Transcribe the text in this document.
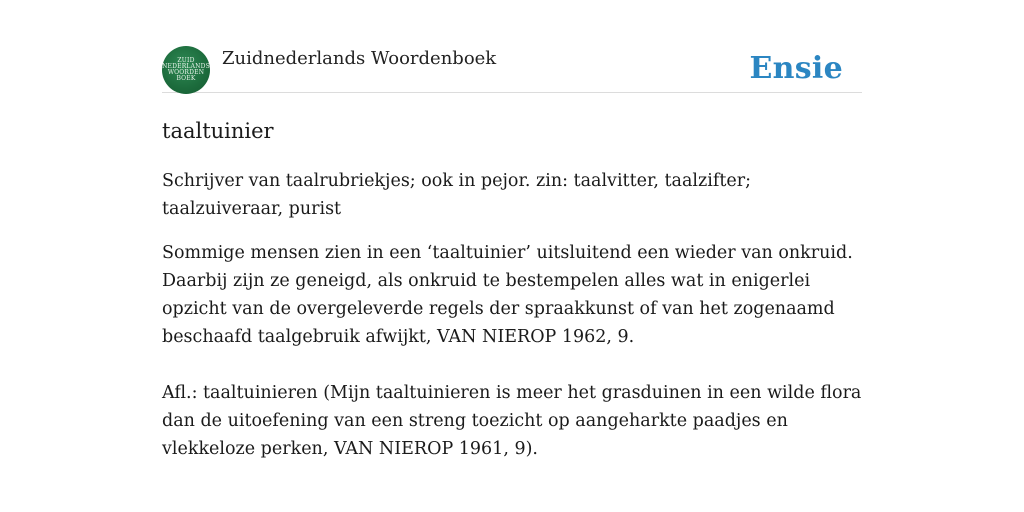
ZUID
NEDERLANDS
WOORDEN
BOEK
Zuidnederlands Woordenboek	Ensie
taaltuinier
Schrijver van taalrubriekjes; ook in pejor. zin: taalvitter, taalzifter; taalzuiveraar, purist
Sommige mensen zien in een ‘taaltuinier’ uitsluitend een wieder van onkruid. Daarbij zijn ze geneigd, als onkruid te bestempelen alles wat in enigerlei opzicht van de overgeleverde regels der spraakkunst of van het zogenaamd beschaafd taalgebruik afwijkt, VAN NIEROP 1962, 9.
Afl.: taaltuinieren (Mijn taaltuinieren is meer het grasduinen in een wilde flora dan de uitoefening van een streng toezicht op aangeharkte paadjes en vlekkeloze perken, VAN NIEROP 1961, 9).
